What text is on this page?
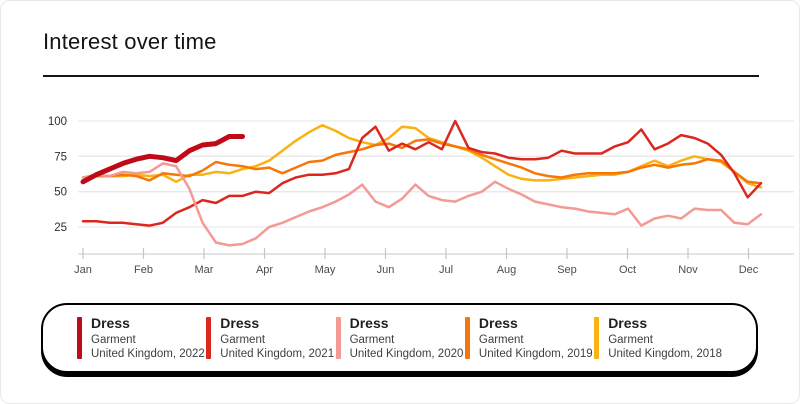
Interest over time
100
75
50
25
Jan	Feb	Mar	Apr	May	Jun	Jul	Aug	Sep	Oct	Nov	Dec
Dress
Garment
United Kingdom, 2022
Dress
Garment
United Kingdom, 2021
Dress
Garment
United Kingdom, 2020
Dress
Garment
United Kingdom, 2019
Dress
Garment
United Kingdom, 2018
